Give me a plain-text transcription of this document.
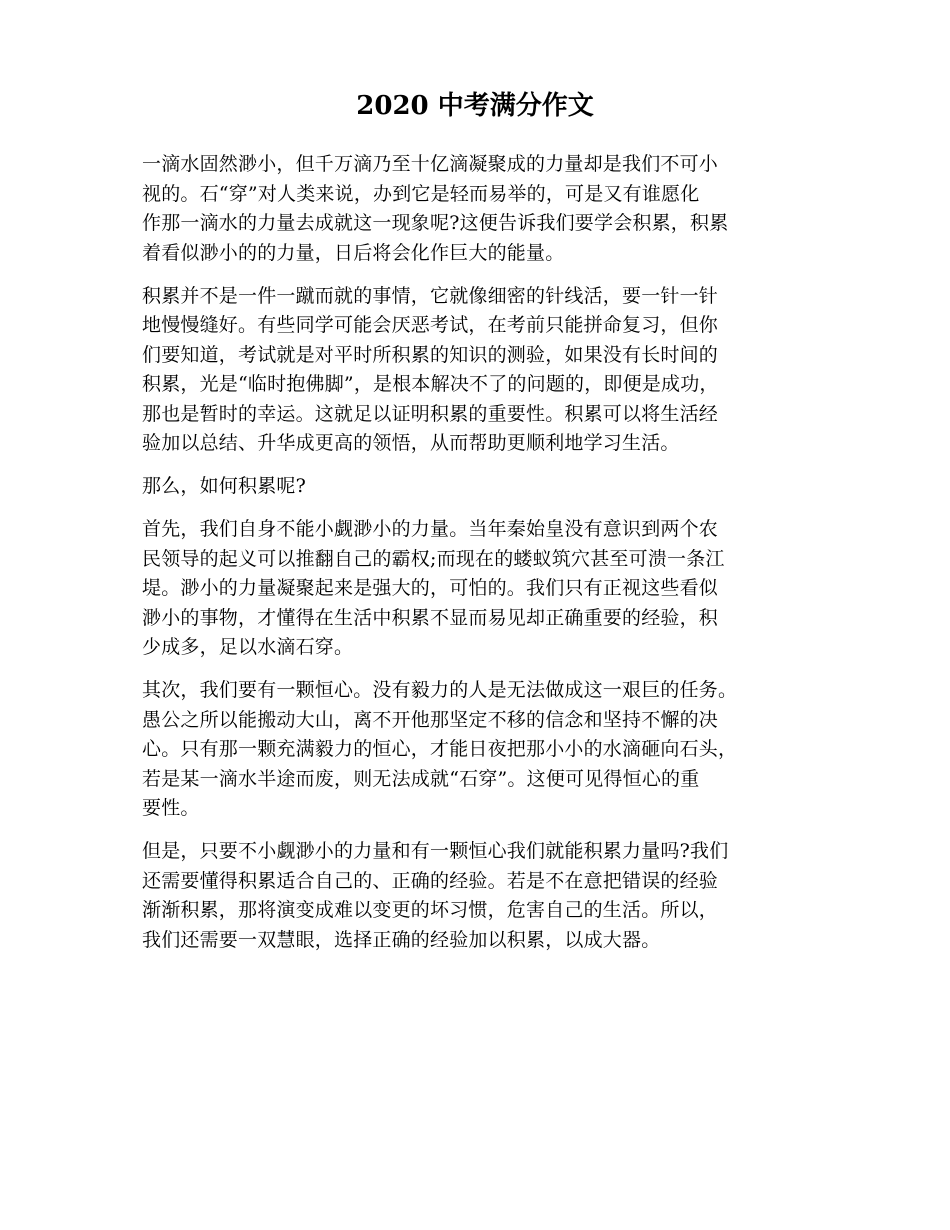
2020 中考满分作文

一滴水固然渺小，但千万滴乃至十亿滴凝聚成的力量却是我们不可小
视的。石“穿”对人类来说，办到它是轻而易举的，可是又有谁愿化
作那一滴水的力量去成就这一现象呢?这便告诉我们要学会积累，积累
着看似渺小的的力量，日后将会化作巨大的能量。

积累并不是一件一蹴而就的事情，它就像细密的针线活，要一针一针
地慢慢缝好。有些同学可能会厌恶考试，在考前只能拼命复习，但你
们要知道，考试就是对平时所积累的知识的测验，如果没有长时间的
积累，光是“临时抱佛脚”，是根本解决不了的问题的，即便是成功，
那也是暂时的幸运。这就足以证明积累的重要性。积累可以将生活经
验加以总结、升华成更高的领悟，从而帮助更顺利地学习生活。

那么，如何积累呢?

首先，我们自身不能小觑渺小的力量。当年秦始皇没有意识到两个农
民领导的起义可以推翻自己的霸权;而现在的蝼蚁筑穴甚至可溃一条江
堤。渺小的力量凝聚起来是强大的，可怕的。我们只有正视这些看似
渺小的事物，才懂得在生活中积累不显而易见却正确重要的经验，积
少成多，足以水滴石穿。

其次，我们要有一颗恒心。没有毅力的人是无法做成这一艰巨的任务。
愚公之所以能搬动大山，离不开他那坚定不移的信念和坚持不懈的决
心。只有那一颗充满毅力的恒心，才能日夜把那小小的水滴砸向石头，
若是某一滴水半途而废，则无法成就“石穿”。这便可见得恒心的重
要性。

但是，只要不小觑渺小的力量和有一颗恒心我们就能积累力量吗?我们
还需要懂得积累适合自己的、正确的经验。若是不在意把错误的经验
渐渐积累，那将演变成难以变更的坏习惯，危害自己的生活。所以，
我们还需要一双慧眼，选择正确的经验加以积累，以成大器。
